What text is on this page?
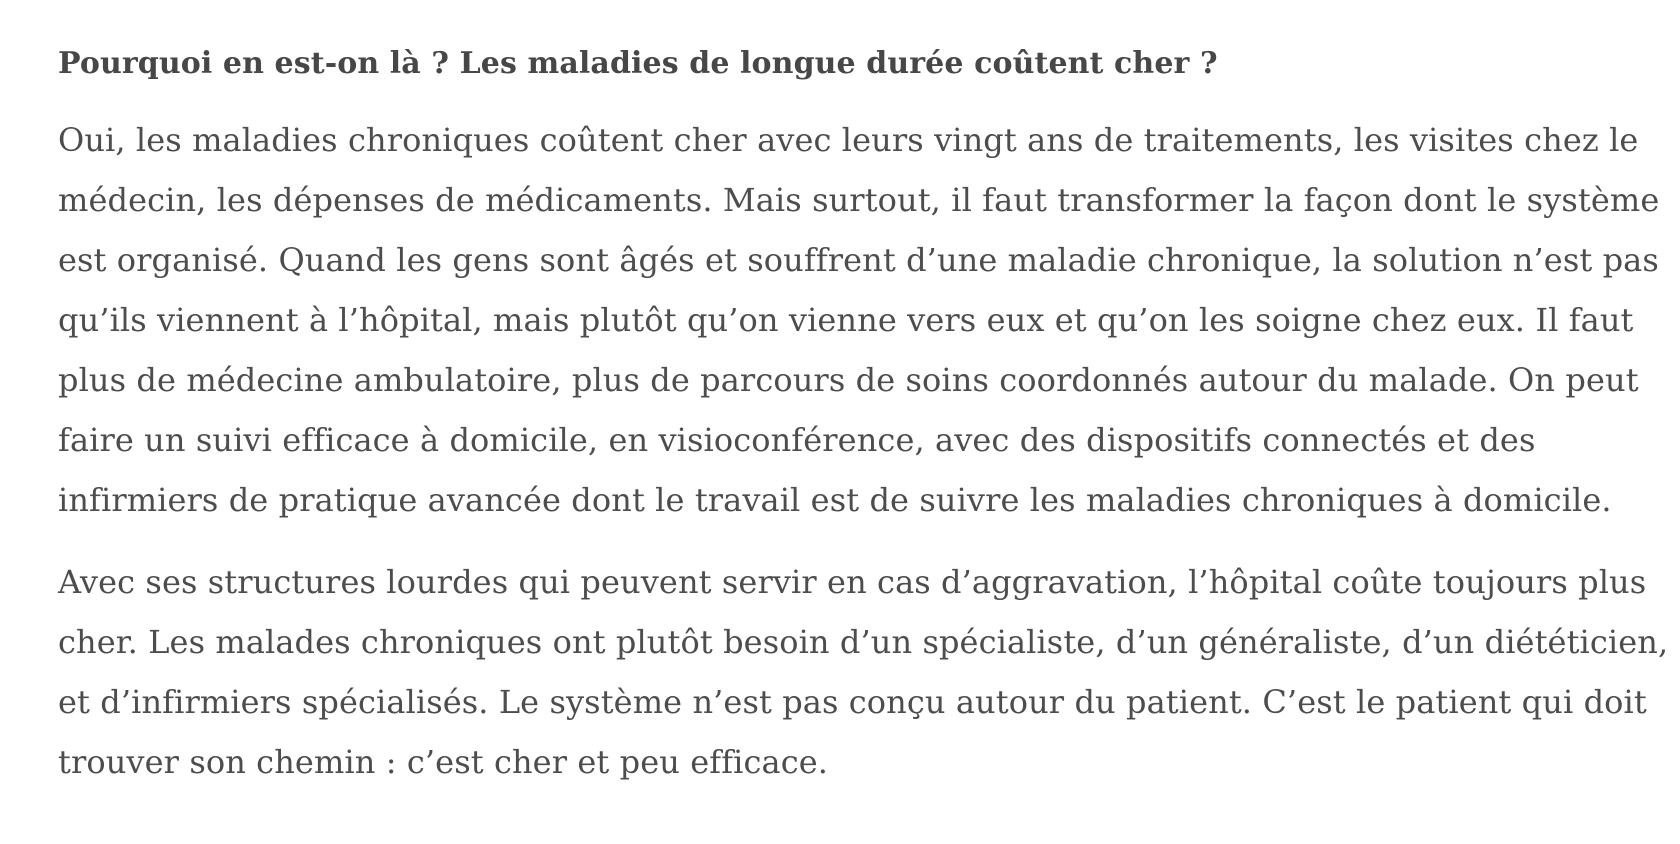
Pourquoi en est-on là ? Les maladies de longue durée coûtent cher ?

Oui, les maladies chroniques coûtent cher avec leurs vingt ans de traitements, les visites chez le
médecin, les dépenses de médicaments. Mais surtout, il faut transformer la façon dont le système
est organisé. Quand les gens sont âgés et souffrent d’une maladie chronique, la solution n’est pas
qu’ils viennent à l’hôpital, mais plutôt qu’on vienne vers eux et qu’on les soigne chez eux. Il faut
plus de médecine ambulatoire, plus de parcours de soins coordonnés autour du malade. On peut
faire un suivi efficace à domicile, en visioconférence, avec des dispositifs connectés et des
infirmiers de pratique avancée dont le travail est de suivre les maladies chroniques à domicile.

Avec ses structures lourdes qui peuvent servir en cas d’aggravation, l’hôpital coûte toujours plus
cher. Les malades chroniques ont plutôt besoin d’un spécialiste, d’un généraliste, d’un diététicien,
et d’infirmiers spécialisés. Le système n’est pas conçu autour du patient. C’est le patient qui doit
trouver son chemin : c’est cher et peu efficace.
